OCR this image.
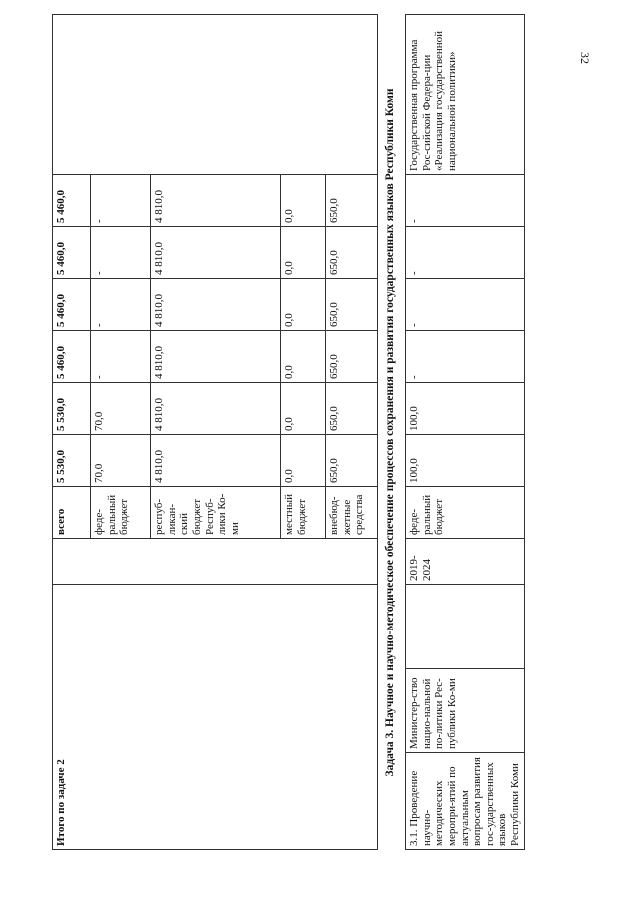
32
Итого по задаче 2		всего	5 530,0	5 530,0	5 460,0	5 460,0	5 460,0	5 460,0	
		феде-ральный бюджет	70,0	70,0	-	-	-	-	
		респуб-ликан-ский бюджет Респуб-лики Ко-ми	4 810,0	4 810,0	4 810,0	4 810,0	4 810,0	4 810,0	
		местный бюджет	0,0	0,0	0,0	0,0	0,0	0,0	
		внебюд-жетные средства	650,0	650,0	650,0	650,0	650,0	650,0		Задача 3. Научное и научно-методическое обеспечение процессов сохранения и развития государственных языков Республики Коми
3.1. Проведение научно-методических меропри-ятий по актуальным вопросам развития гос-ударственных языков Республики Коми	Министер-ство нацио-нальной по-литики Рес-публики Ко-ми		2019-2024	феде-ральный бюджет	100,0	100,0	-	-	-	-	Государственная программа Рос-сийской Федера-ции «Реализация государственной национальной политики»
